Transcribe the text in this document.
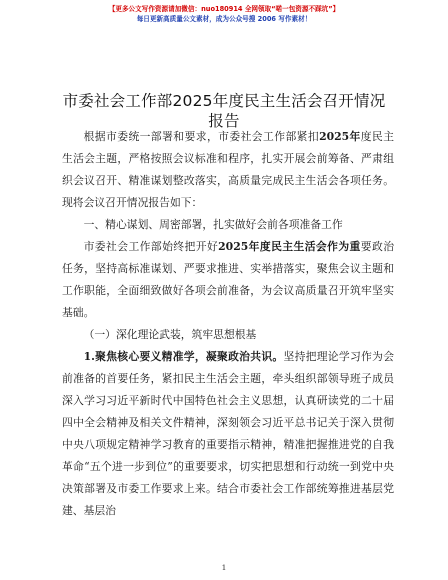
【更多公文写作资源请加微信：nuo180914 全网领取“喏一包资源不踩坑”】
每日更新高质量公文素材，成为公众号搜 2006 写作素材！
市委社会工作部2025年度民主生活会召开情况
报告

根据市委统一部署和要求，市委社会工作部紧扣2025年度民主生活会主题，严格按照会议标准和程序，扎实开展会前筹备、严肃组织会议召开、精准谋划整改落实，高质量完成民主生活会各项任务。现将会议召开情况报告如下：

一、精心谋划、周密部署，扎实做好会前各项准备工作

市委社会工作部始终把开好2025年度民主生活会作为重要政治任务，坚持高标准谋划、严要求推进、实举措落实，聚焦会议主题和工作职能，全面细致做好各项会前准备，为会议高质量召开筑牢坚实基础。

（一）深化理论武装，筑牢思想根基

1.聚焦核心要义精准学，凝聚政治共识。坚持把理论学习作为会前准备的首要任务，紧扣民主生活会主题，牵头组织部领导班子成员深入学习习近平新时代中国特色社会主义思想，认真研读党的二十届四中全会精神及相关文件精神，深刻领会习近平总书记关于深入贯彻中央八项规定精神学习教育的重要指示精神，精准把握推进党的自我革命“五个进一步到位”的重要要求，切实把思想和行动统一到党中央决策部署及市委工作要求上来。结合市委社会工作部统筹推进基层党建、基层治

1
